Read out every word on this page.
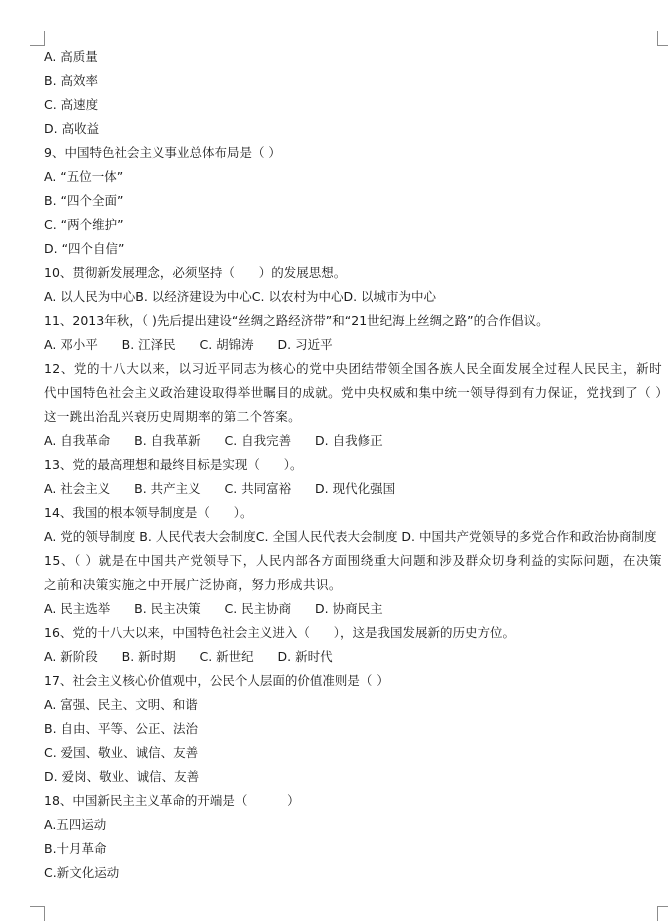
A. 高质量
B. 高效率
C. 高速度
D. 高收益
9、中国特色社会主义事业总体布局是（ ）
A. “五位一体”
B. “四个全面”
C. “两个维护”
D. “四个自信”
10、贯彻新发展理念，必须坚持（      ）的发展思想。
A. 以人民为中心B. 以经济建设为中心C. 以农村为中心D. 以城市为中心
11、2013年秋，（ )先后提出建设“丝绸之路经济带”和“21世纪海上丝绸之路”的合作倡议。
A. 邓小平      B. 江泽民      C. 胡锦涛      D. 习近平
12、党的十八大以来，以习近平同志为核心的党中央团结带领全国各族人民全面发展全过程人民民主，新时代中国特色社会主义政治建设取得举世瞩目的成就。党中央权威和集中统一领导得到有力保证，党找到了（ ）这一跳出治乱兴衰历史周期率的第二个答案。
A. 自我革命      B. 自我革新      C. 自我完善      D. 自我修正
13、党的最高理想和最终目标是实现（      ）。
A. 社会主义      B. 共产主义      C. 共同富裕      D. 现代化强国
14、我国的根本领导制度是（      ）。
A. 党的领导制度 B. 人民代表大会制度C. 全国人民代表大会制度 D. 中国共产党领导的多党合作和政治协商制度
15、（ ）就是在中国共产党领导下，人民内部各方面围绕重大问题和涉及群众切身利益的实际问题，在决策之前和决策实施之中开展广泛协商，努力形成共识。
A. 民主选举      B. 民主决策      C. 民主协商      D. 协商民主
16、党的十八大以来，中国特色社会主义进入（      ），这是我国发展新的历史方位。
A. 新阶段      B. 新时期      C. 新世纪      D. 新时代
17、社会主义核心价值观中，公民个人层面的价值准则是（ ）
A. 富强、民主、文明、和谐
B. 自由、平等、公正、法治
C. 爱国、敬业、诚信、友善
D. 爱岗、敬业、诚信、友善
18、中国新民主主义革命的开端是（          ）
A.五四运动
B.十月革命
C.新文化运动
